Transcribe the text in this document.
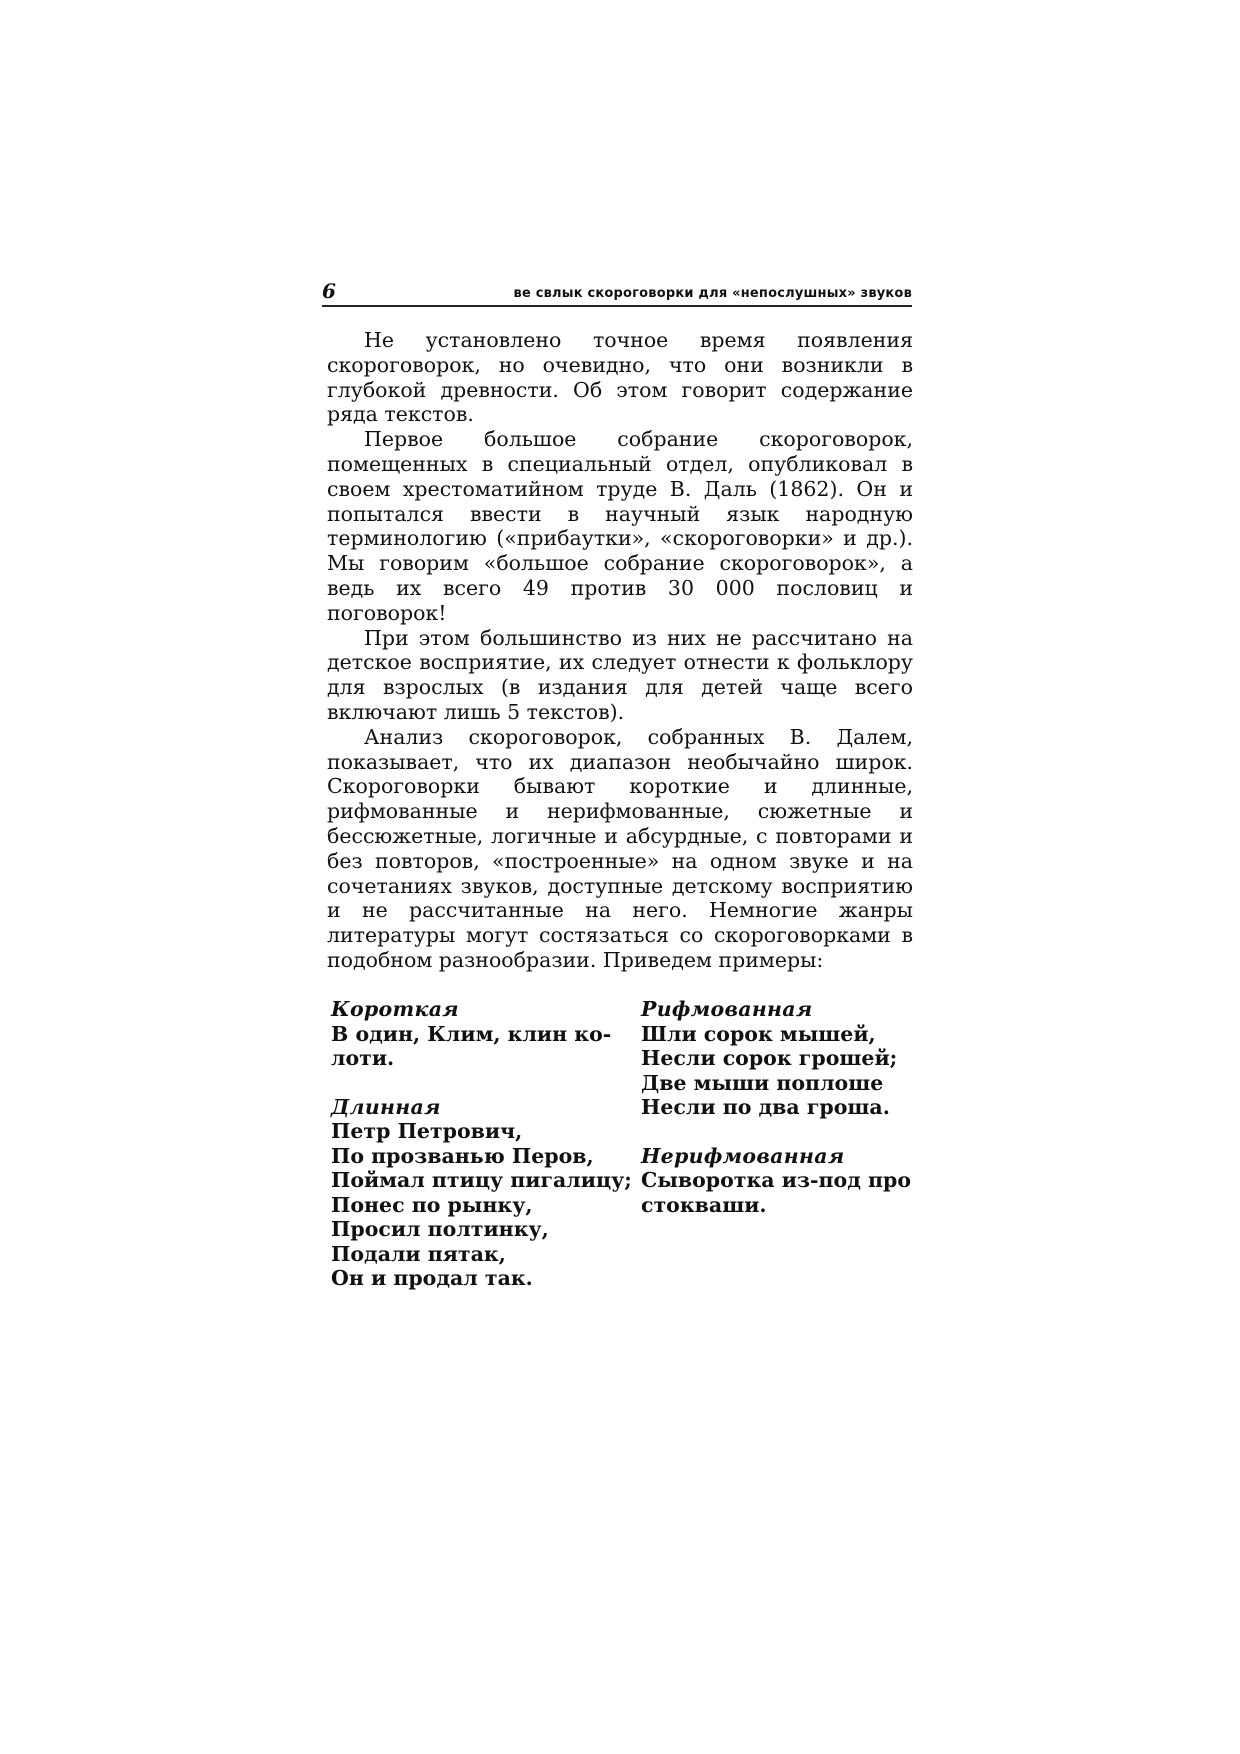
6	ве свлык скороговорки для «непослушных» звуков

Не установлено точное время появления скороговорок, но очевидно, что они возникли в глубокой древности. Об этом говорит содержание ряда текстов.

Первое большое собрание скороговорок, помещенных в специальный отдел, опубликовал в своем хрестоматийном труде В. Даль (1862). Он и попытался ввести в научный язык народную терминологию («прибаутки», «скороговорки» и др.). Мы говорим «большое собрание скороговорок», а ведь их всего 49 против 30 000 пословиц и поговорок!

При этом большинство из них не рассчитано на детское восприятие, их следует отнести к фольклору для взрослых (в издания для детей чаще всего включают лишь 5 текстов).

Анализ скороговорок, собранных В. Далем, показывает, что их диапазон необычайно широк. Скороговорки бывают короткие и длинные, рифмованные и нерифмованные, сюжетные и бессюжетные, логичные и абсурдные, с повторами и без повторов, «построенные» на одном звуке и на сочетаниях звуков, доступные детскому восприятию и не рассчитанные на него. Немногие жанры литературы могут состязаться со скороговорками в подобном разнообразии. Приведем примеры:

Короткая
В один, Клим, клин ко-
лоти.
Длинная
Петр Петрович,
По прозванью Перов,
Поймал птицу пигалицу;
Понес по рынку,
Просил полтинку,
Подали пятак,
Он и продал так.
Рифмованная
Шли сорок мышей,
Несли сорок грошей;
Две мыши поплоше
Несли по два гроша.
Нерифмованная
Сыворотка из-под про
стокваши.
